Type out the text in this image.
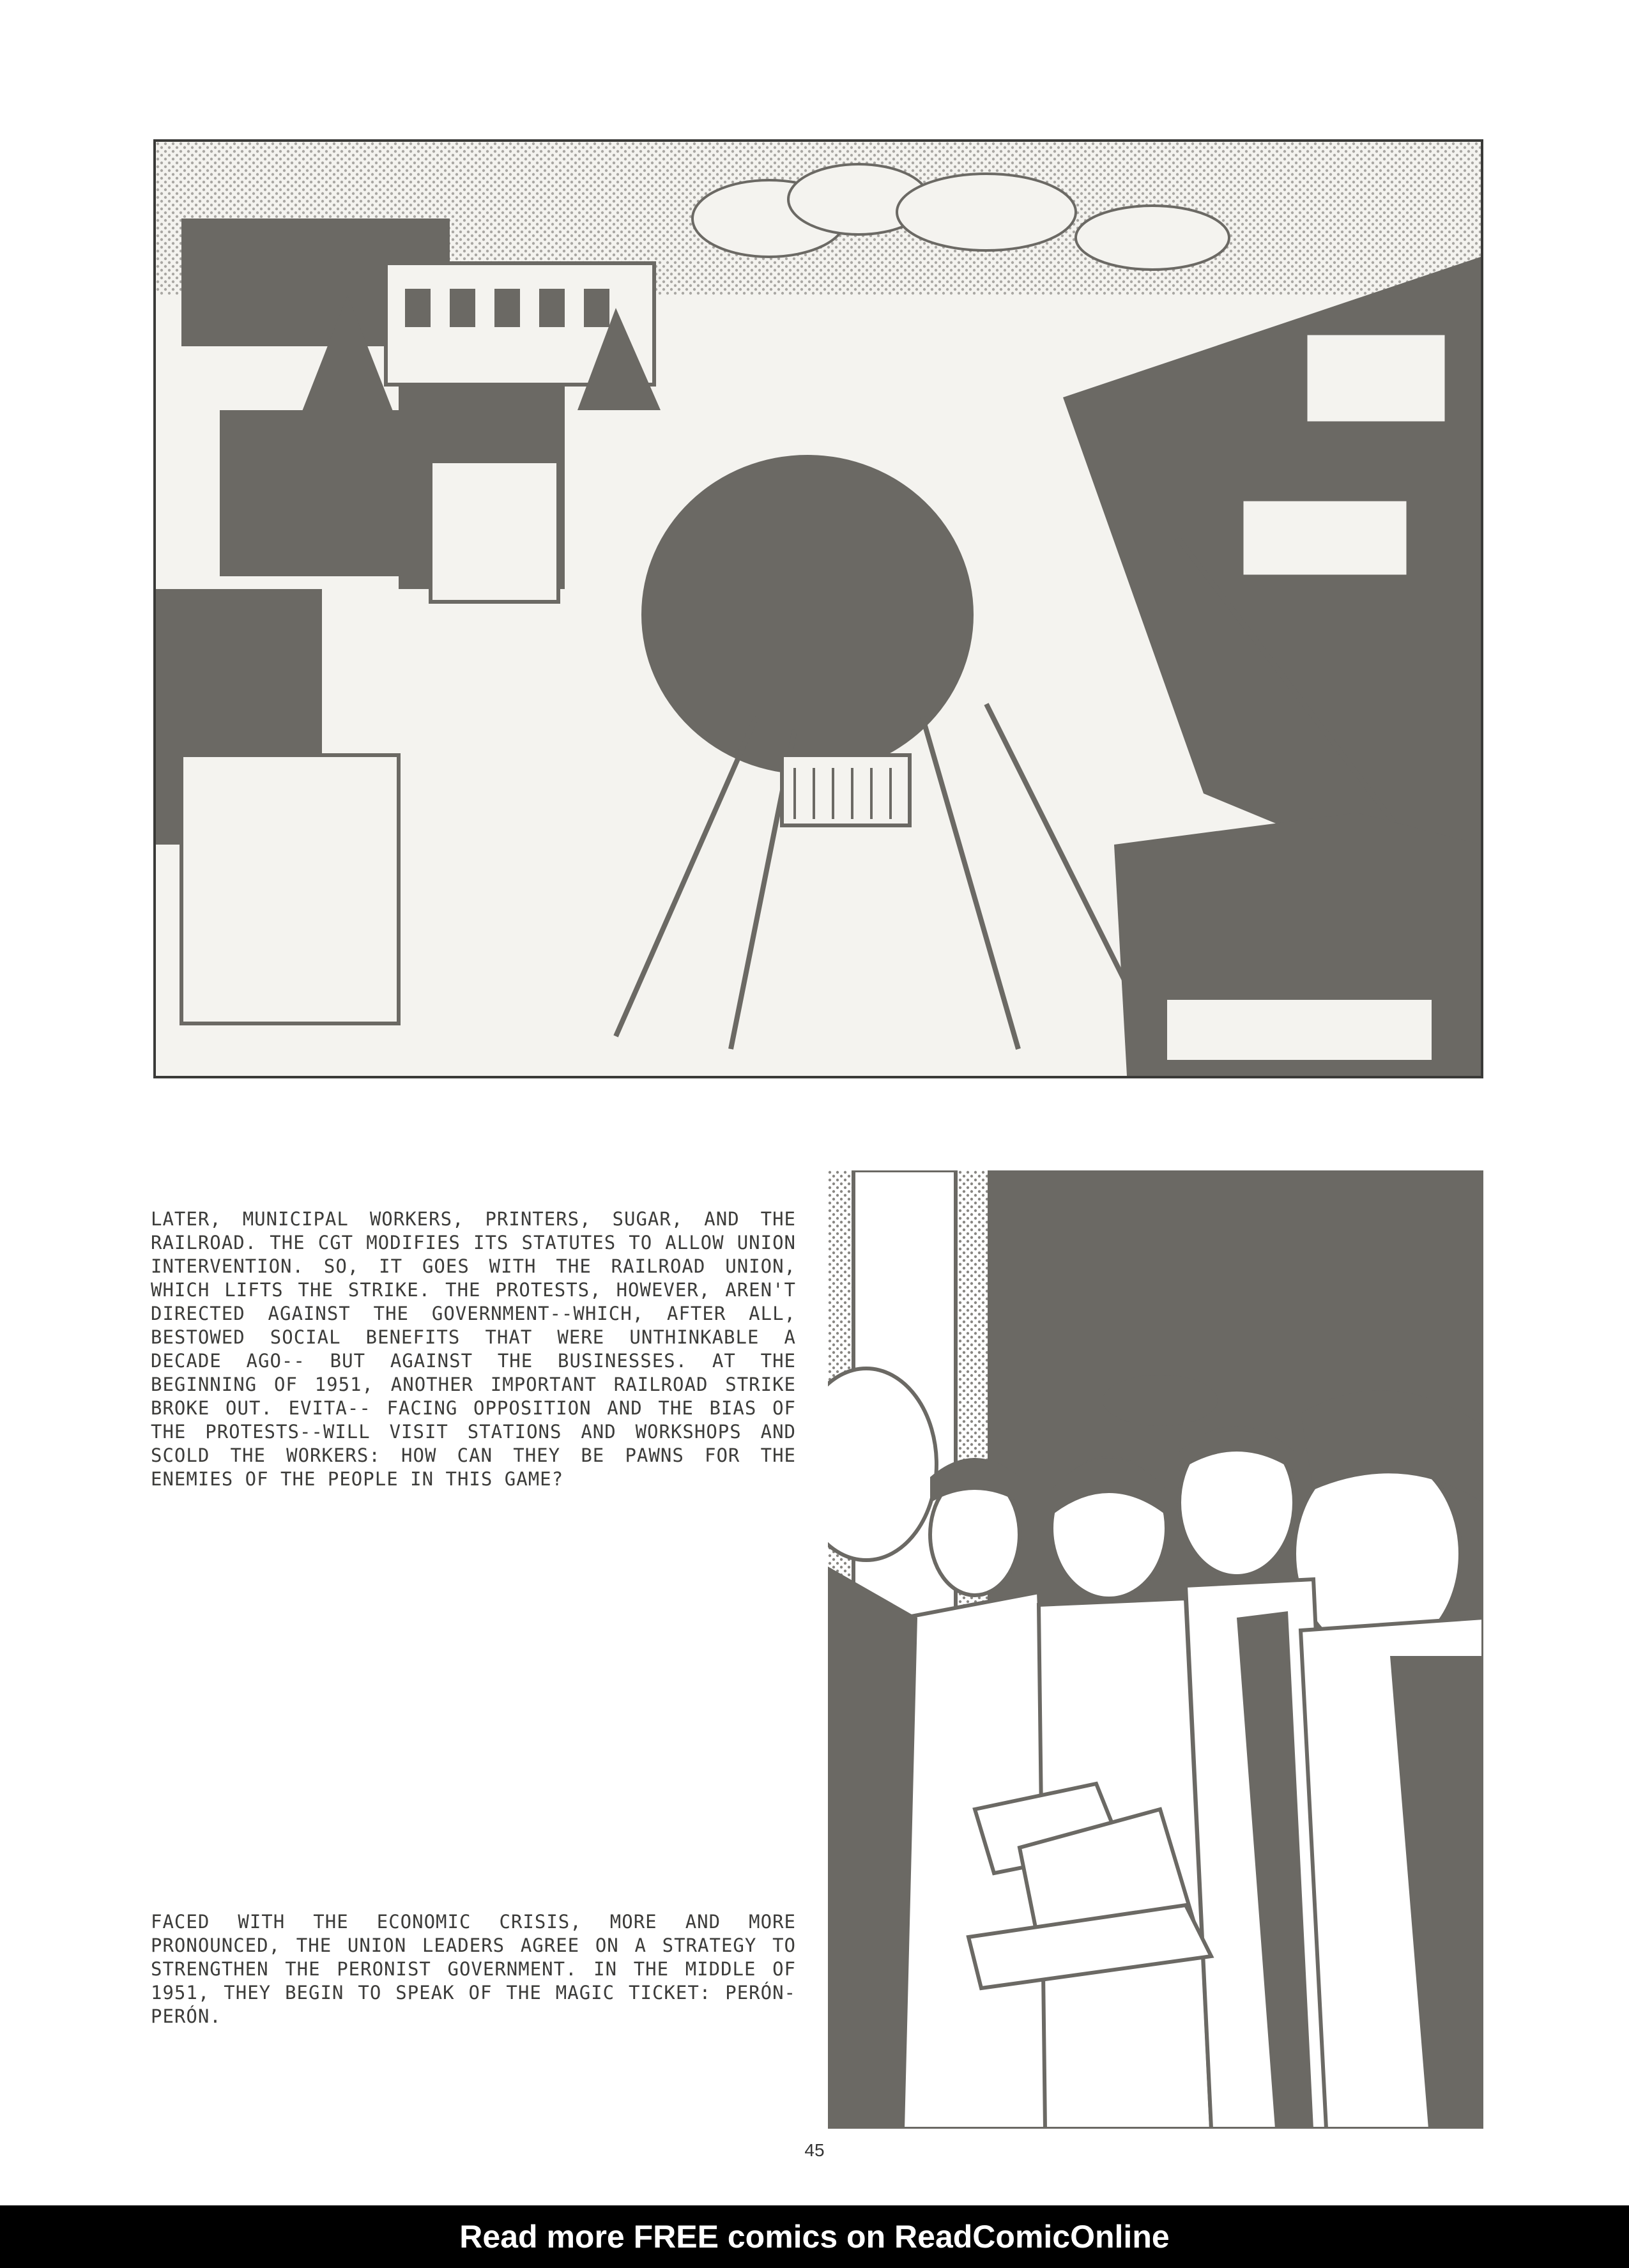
LATER, MUNICIPAL WORKERS, PRINTERS, SUGAR, AND THE RAILROAD. THE CGT MODIFIES ITS STATUTES TO ALLOW UNION INTERVENTION. SO, IT GOES WITH THE RAILROAD UNION, WHICH LIFTS THE STRIKE. THE PROTESTS, HOWEVER, AREN'T DIRECTED AGAINST THE GOVERNMENT--WHICH, AFTER ALL, BESTOWED SOCIAL BENEFITS THAT WERE UNTHINKABLE A DECADE AGO-- BUT AGAINST THE BUSINESSES. AT THE BEGINNING OF 1951, ANOTHER IMPORTANT RAILROAD STRIKE BROKE OUT. EVITA-- FACING OPPOSITION AND THE BIAS OF THE PROTESTS--WILL VISIT STATIONS AND WORKSHOPS AND SCOLD THE WORKERS: HOW CAN THEY BE PAWNS FOR THE ENEMIES OF THE PEOPLE IN THIS GAME?

FACED WITH THE ECONOMIC CRISIS, MORE AND MORE PRONOUNCED, THE UNION LEADERS AGREE ON A STRATEGY TO STRENGTHEN THE PERONIST GOVERNMENT. IN THE MIDDLE OF 1951, THEY BEGIN TO SPEAK OF THE MAGIC TICKET: PERÓN- PERÓN.

45
Read more FREE comics on ReadComicOnline
